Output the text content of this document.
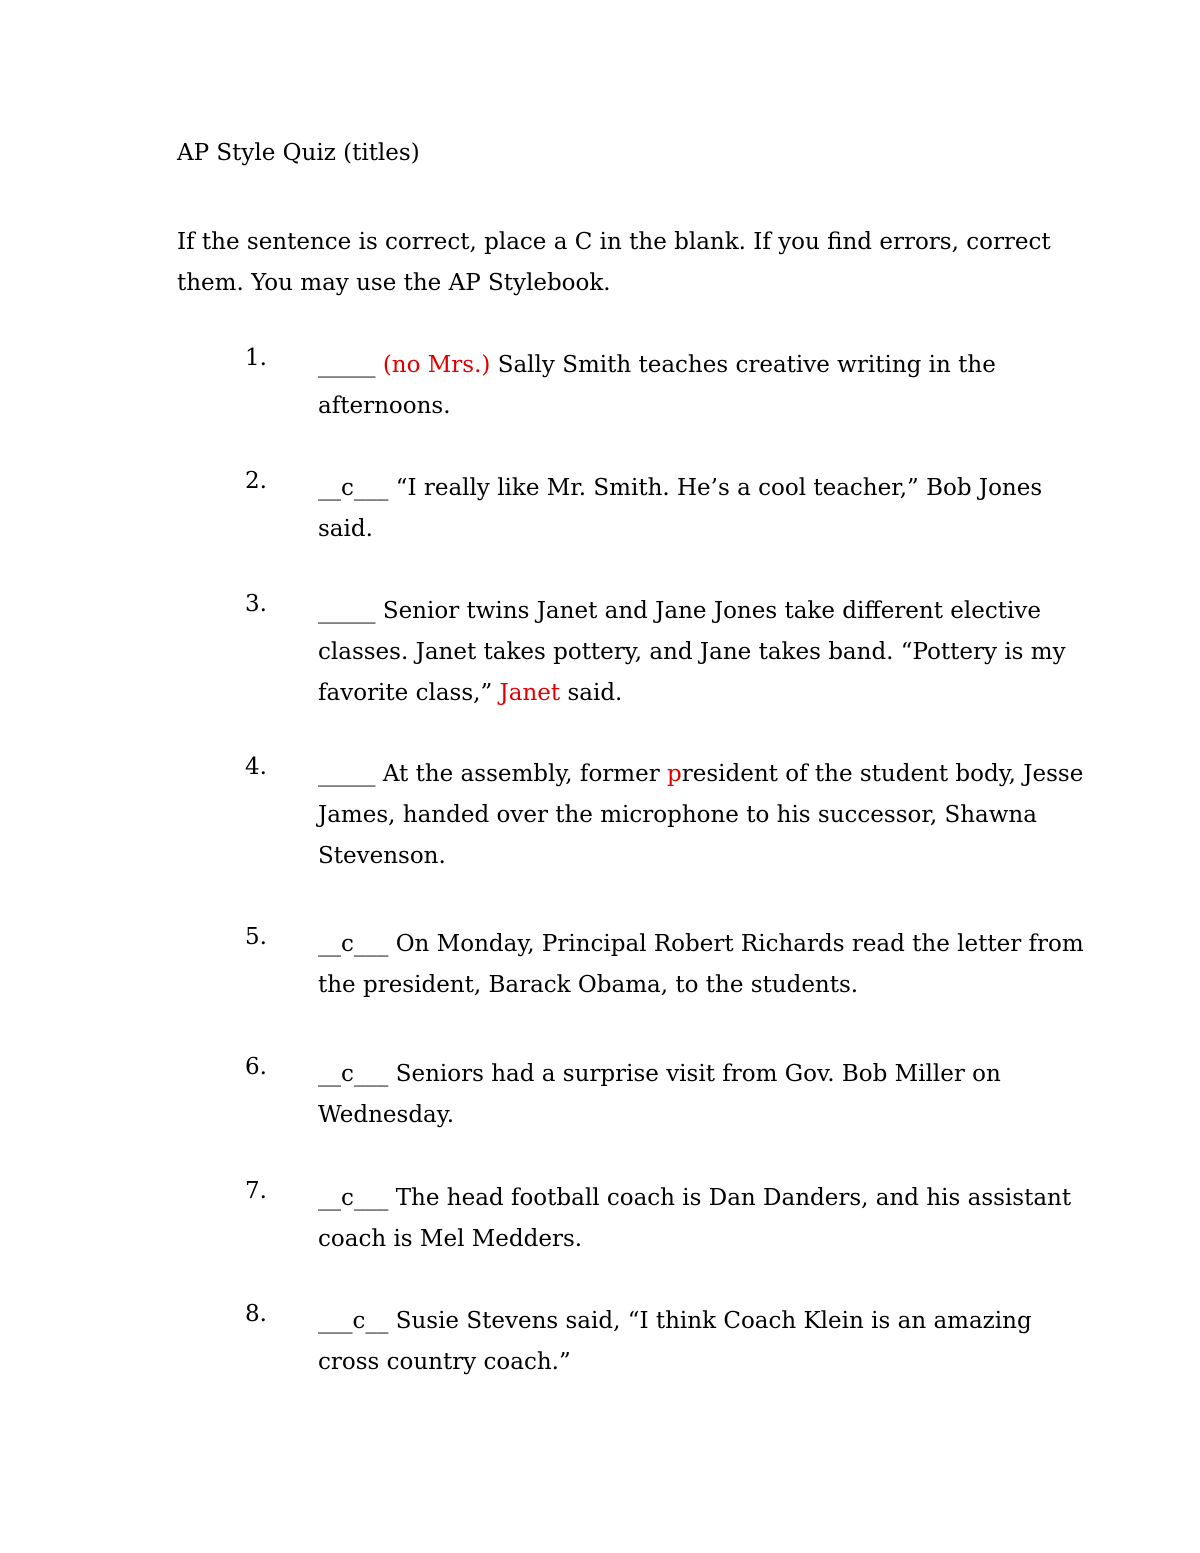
AP Style Quiz (titles)
If the sentence is correct, place a C in the blank. If you find errors, correct them. You may use the AP Stylebook.
1. _____ (no Mrs.) Sally Smith teaches creative writing in the afternoons.
2. __c___ “I really like Mr. Smith. He’s a cool teacher,” Bob Jones said.
3. _____ Senior twins Janet and Jane Jones take different elective classes. Janet takes pottery, and Jane takes band. “Pottery is my favorite class,” Janet said.
4. _____ At the assembly, former president of the student body, Jesse James, handed over the microphone to his successor, Shawna Stevenson.
5. __c___ On Monday, Principal Robert Richards read the letter from the president, Barack Obama, to the students.
6. __c___ Seniors had a surprise visit from Gov. Bob Miller on Wednesday.
7. __c___ The head football coach is Dan Danders, and his assistant coach is Mel Medders.
8. ___c__ Susie Stevens said, “I think Coach Klein is an amazing cross country coach.”
